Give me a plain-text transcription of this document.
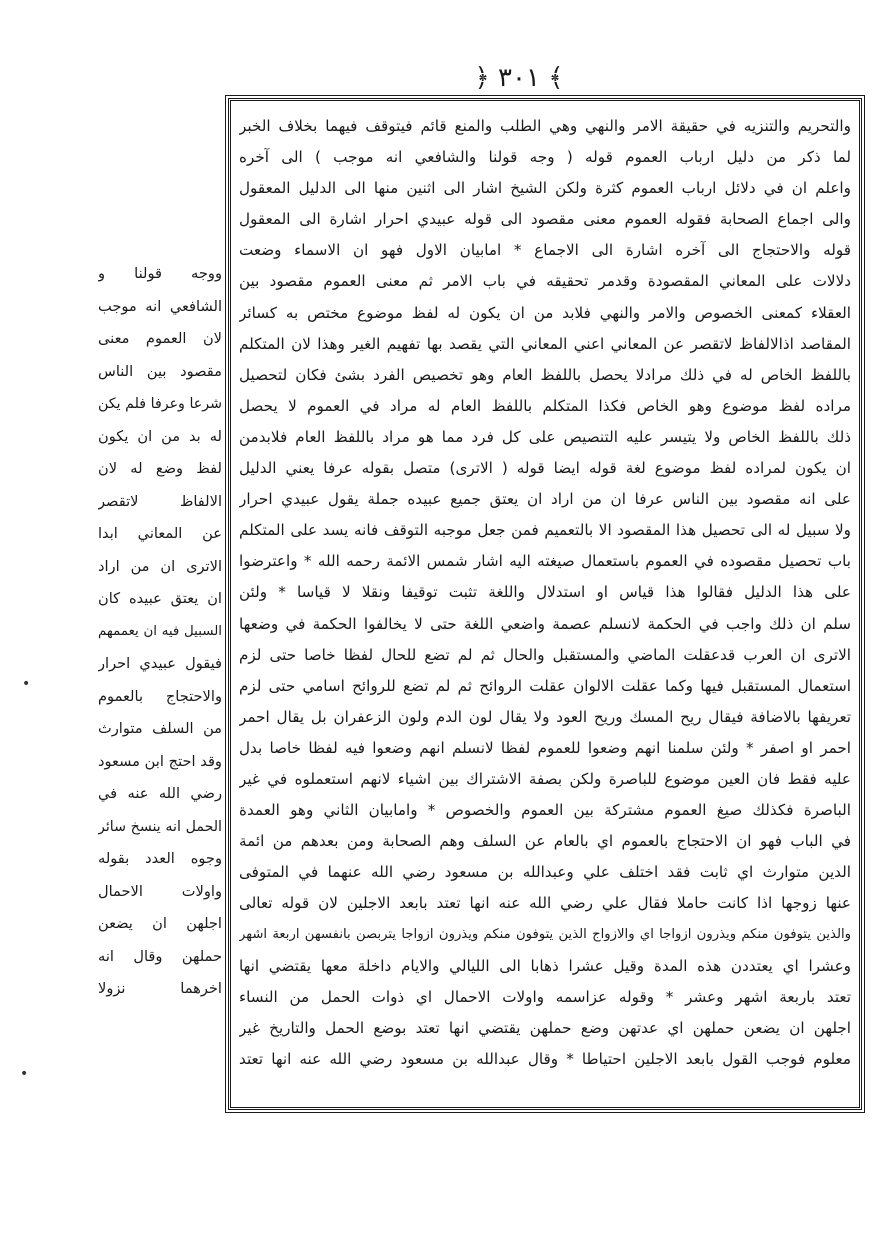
﴾ ٣٠١ ﴿
ووجه قولنا و
الشافعي انه موجب
لان العموم معنى
مقصود بين الناس
شرعا وعرفا فلم يكن
له بد من ان يكون
لفظ وضع له لان
الالفاظ لاتقصر
عن المعاني ابدا
الاترى ان من اراد
ان يعتق عبيده كان
السبيل فيه ان يعممهم
فيقول عبيدي احرار
والاحتجاج بالعموم
من السلف متوارث
وقد احتج ابن مسعود
رضي الله عنه في
الحمل انه ينسخ سائر
وجوه العدد بقوله
واولات الاحمال
اجلهن ان يضعن
حملهن وقال انه
اخرهما نزولا
والتحريم والتنزيه في حقيقة الامر والنهي وهي الطلب والمنع قائم فيتوقف فيهما بخلاف الخبر
لما ذكر من دليل ارباب العموم قوله ( وجه قولنا والشافعي انه موجب ) الى آخره
واعلم ان في دلائل ارباب العموم كثرة ولكن الشيخ اشار الى اثنين منها الى الدليل المعقول
والى اجماع الصحابة فقوله العموم معنى مقصود الى قوله عبيدي احرار اشارة الى المعقول
قوله والاحتجاج الى آخره اشارة الى الاجماع * امابيان الاول فهو ان الاسماء وضعت
دلالات على المعاني المقصودة وقدمر تحقيقه في باب الامر ثم معنى العموم مقصود بين
العقلاء كمعنى الخصوص والامر والنهي فلابد من ان يكون له لفظ موضوع مختص به كسائر
المقاصد اذالالفاظ لاتقصر عن المعاني اعني المعاني التي يقصد بها تفهيم الغير وهذا لان المتكلم
باللفظ الخاص له في ذلك مرادلا يحصل باللفظ العام وهو تخصيص الفرد بشئ فكان لتحصيل
مراده لفظ موضوع وهو الخاص فكذا المتكلم باللفظ العام له مراد في العموم لا يحصل
ذلك باللفظ الخاص ولا يتيسر عليه التنصيص على كل فرد مما هو مراد باللفظ العام فلابدمن
ان يكون لمراده لفظ موضوع لغة قوله ايضا قوله ( الاترى) متصل بقوله عرفا يعني الدليل
على انه مقصود بين الناس عرفا ان من اراد ان يعتق جميع عبيده جملة يقول عبيدي احرار
ولا سبيل له الى تحصيل هذا المقصود الا بالتعميم فمن جعل موجبه التوقف فانه يسد على المتكلم
باب تحصيل مقصوده في العموم باستعمال صيغته اليه اشار شمس الائمة رحمه الله * واعترضوا
على هذا الدليل فقالوا هذا قياس او استدلال واللغة تثبت توقيفا ونقلا لا قياسا * ولئن
سلم ان ذلك واجب في الحكمة لانسلم عصمة واضعي اللغة حتى لا يخالفوا الحكمة في وضعها
الاترى ان العرب قدعقلت الماضي والمستقبل والحال ثم لم تضع للحال لفظا خاصا حتى لزم
استعمال المستقبل فيها وكما عقلت الالوان عقلت الروائح ثم لم تضع للروائح اسامي حتى لزم
تعريفها بالاضافة فيقال ريح المسك وريح العود ولا يقال لون الدم ولون الزعفران بل يقال احمر
احمر او اصفر * ولئن سلمنا انهم وضعوا للعموم لفظا لانسلم انهم وضعوا فيه لفظا خاصا بدل
عليه فقط فان العين موضوع للباصرة ولكن بصفة الاشتراك بين اشياء لانهم استعملوه في غير
الباصرة فكذلك صيغ العموم مشتركة بين العموم والخصوص * وامابيان الثاني وهو العمدة
في الباب فهو ان الاحتجاج بالعموم اي بالعام عن السلف وهم الصحابة ومن بعدهم من ائمة
الدين متوارث اي ثابت فقد اختلف علي وعبدالله بن مسعود رضي الله عنهما في المتوفى
عنها زوجها اذا كانت حاملا فقال علي رضي الله عنه انها تعتد بابعد الاجلين لان قوله تعالى
والذين يتوفون منكم ويذرون ازواجا اي والازواج الذين يتوفون منكم ويذرون ازواجا يتربصن بانفسهن اربعة اشهر
وعشرا اي يعتددن هذه المدة وقيل عشرا ذهابا الى الليالي والايام داخلة معها يقتضي انها
تعتد باربعة اشهر وعشر * وقوله عزاسمه واولات الاحمال اي ذوات الحمل من النساء
اجلهن ان يضعن حملهن اي عدتهن وضع حملهن يقتضي انها تعتد بوضع الحمل والتاريخ غير
معلوم فوجب القول بابعد الاجلين احتياطا * وقال عبدالله بن مسعود رضي الله عنه انها تعتد
•
•
